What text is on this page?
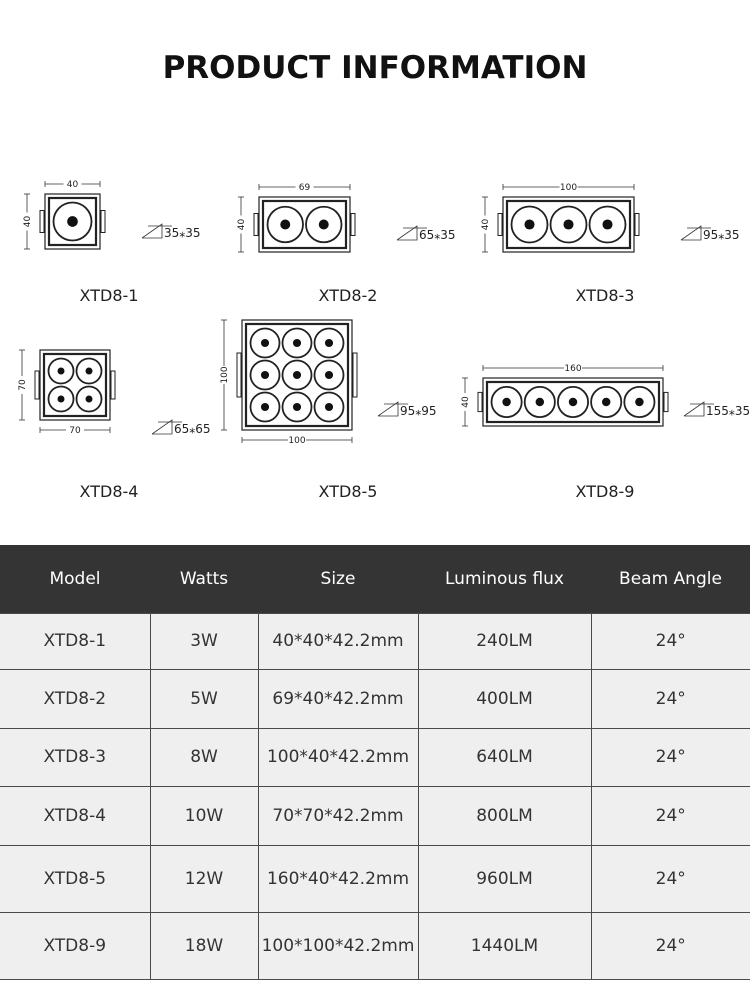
PRODUCT INFORMATION
40
40
35⁎35
69
40
65⁎35
100
40
95⁎35
70
70
65⁎65
100
100
95⁎95
160
40
155⁎35
XTD8-1	XTD8-2	XTD8-3
XTD8-4	XTD8-5	XTD8-9
Model	Watts	Size	Luminous flux	Beam Angle
XTD8-1	3W	40*40*42.2mm	240LM	24°
XTD8-2	5W	69*40*42.2mm	400LM	24°
XTD8-3	8W	100*40*42.2mm	640LM	24°
XTD8-4	10W	70*70*42.2mm	800LM	24°
XTD8-5	12W	160*40*42.2mm	960LM	24°
XTD8-9	18W	100*100*42.2mm	1440LM	24°
